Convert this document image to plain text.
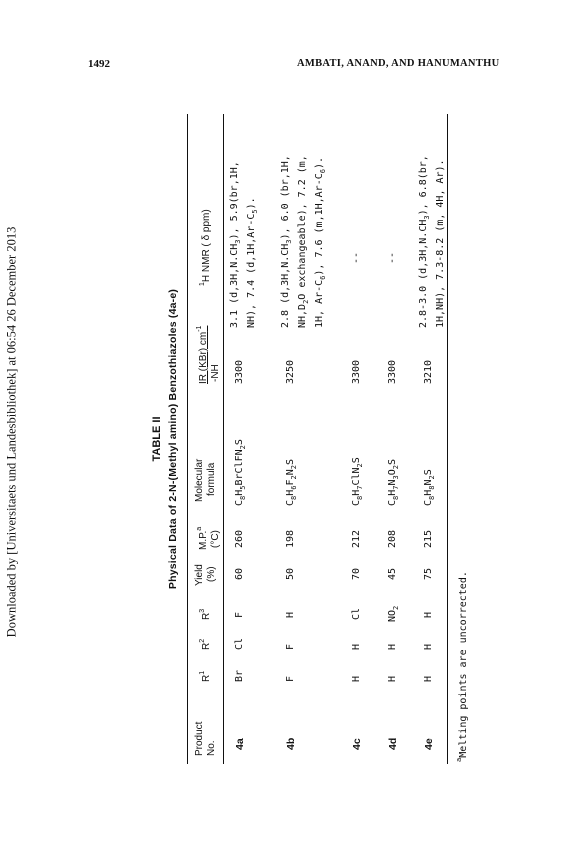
Downloaded by [Universitaets und Landesbibliothek] at 06:54 26 December 2013
1492	AMBATI, ANAND, AND HANUMANTHU
TABLE II Physical Data of 2-N-(Methyl amino) Benzothiazoles (4a-e)
Product No.
$R^1$
$R^2$
$R^3$
Yield (%)
M.P.$^a$
(°C)
Molecular formula
IR (KBr) $cm^{-1}$
-NH
$^1$H NMR ( δ ppm)
4a
Br
Cl
F
60
260
$C_8H_5BrClFN_2S$
3300
3.1 $(d,3H,N.CH_3)$, 5.9(br,1H,
NH), 7.4 $(d,1H,Ar-C_5)$.
4b
F
F
H
50
198
$C_8H_6F_2N_2S$
3250
2.8 $(d,3H,N.CH_3)$, 6.0 (br,1H,
$NH,D_2O$ exchangeable), 7.2 (m,
1H, $Ar-C_6$), 7.6 $(m,1H,Ar-C_6)$.
4c
H
H
Cl
70
212
$C_8H_7ClN_2S$
3300
--
4d
H
H
$NO_2$
45
208
$C_8H_7N_3O_2S$
3300
--
4e
H
H
H
75
215
$C_8H_8N_2S$
3210
2.8-3.0 $(d,3H,N.CH_3)$, 6.8(br, 1H,NH), 7.3-8.2 (m, 4H, Ar).
$^a$Melting points are uncorrected.
